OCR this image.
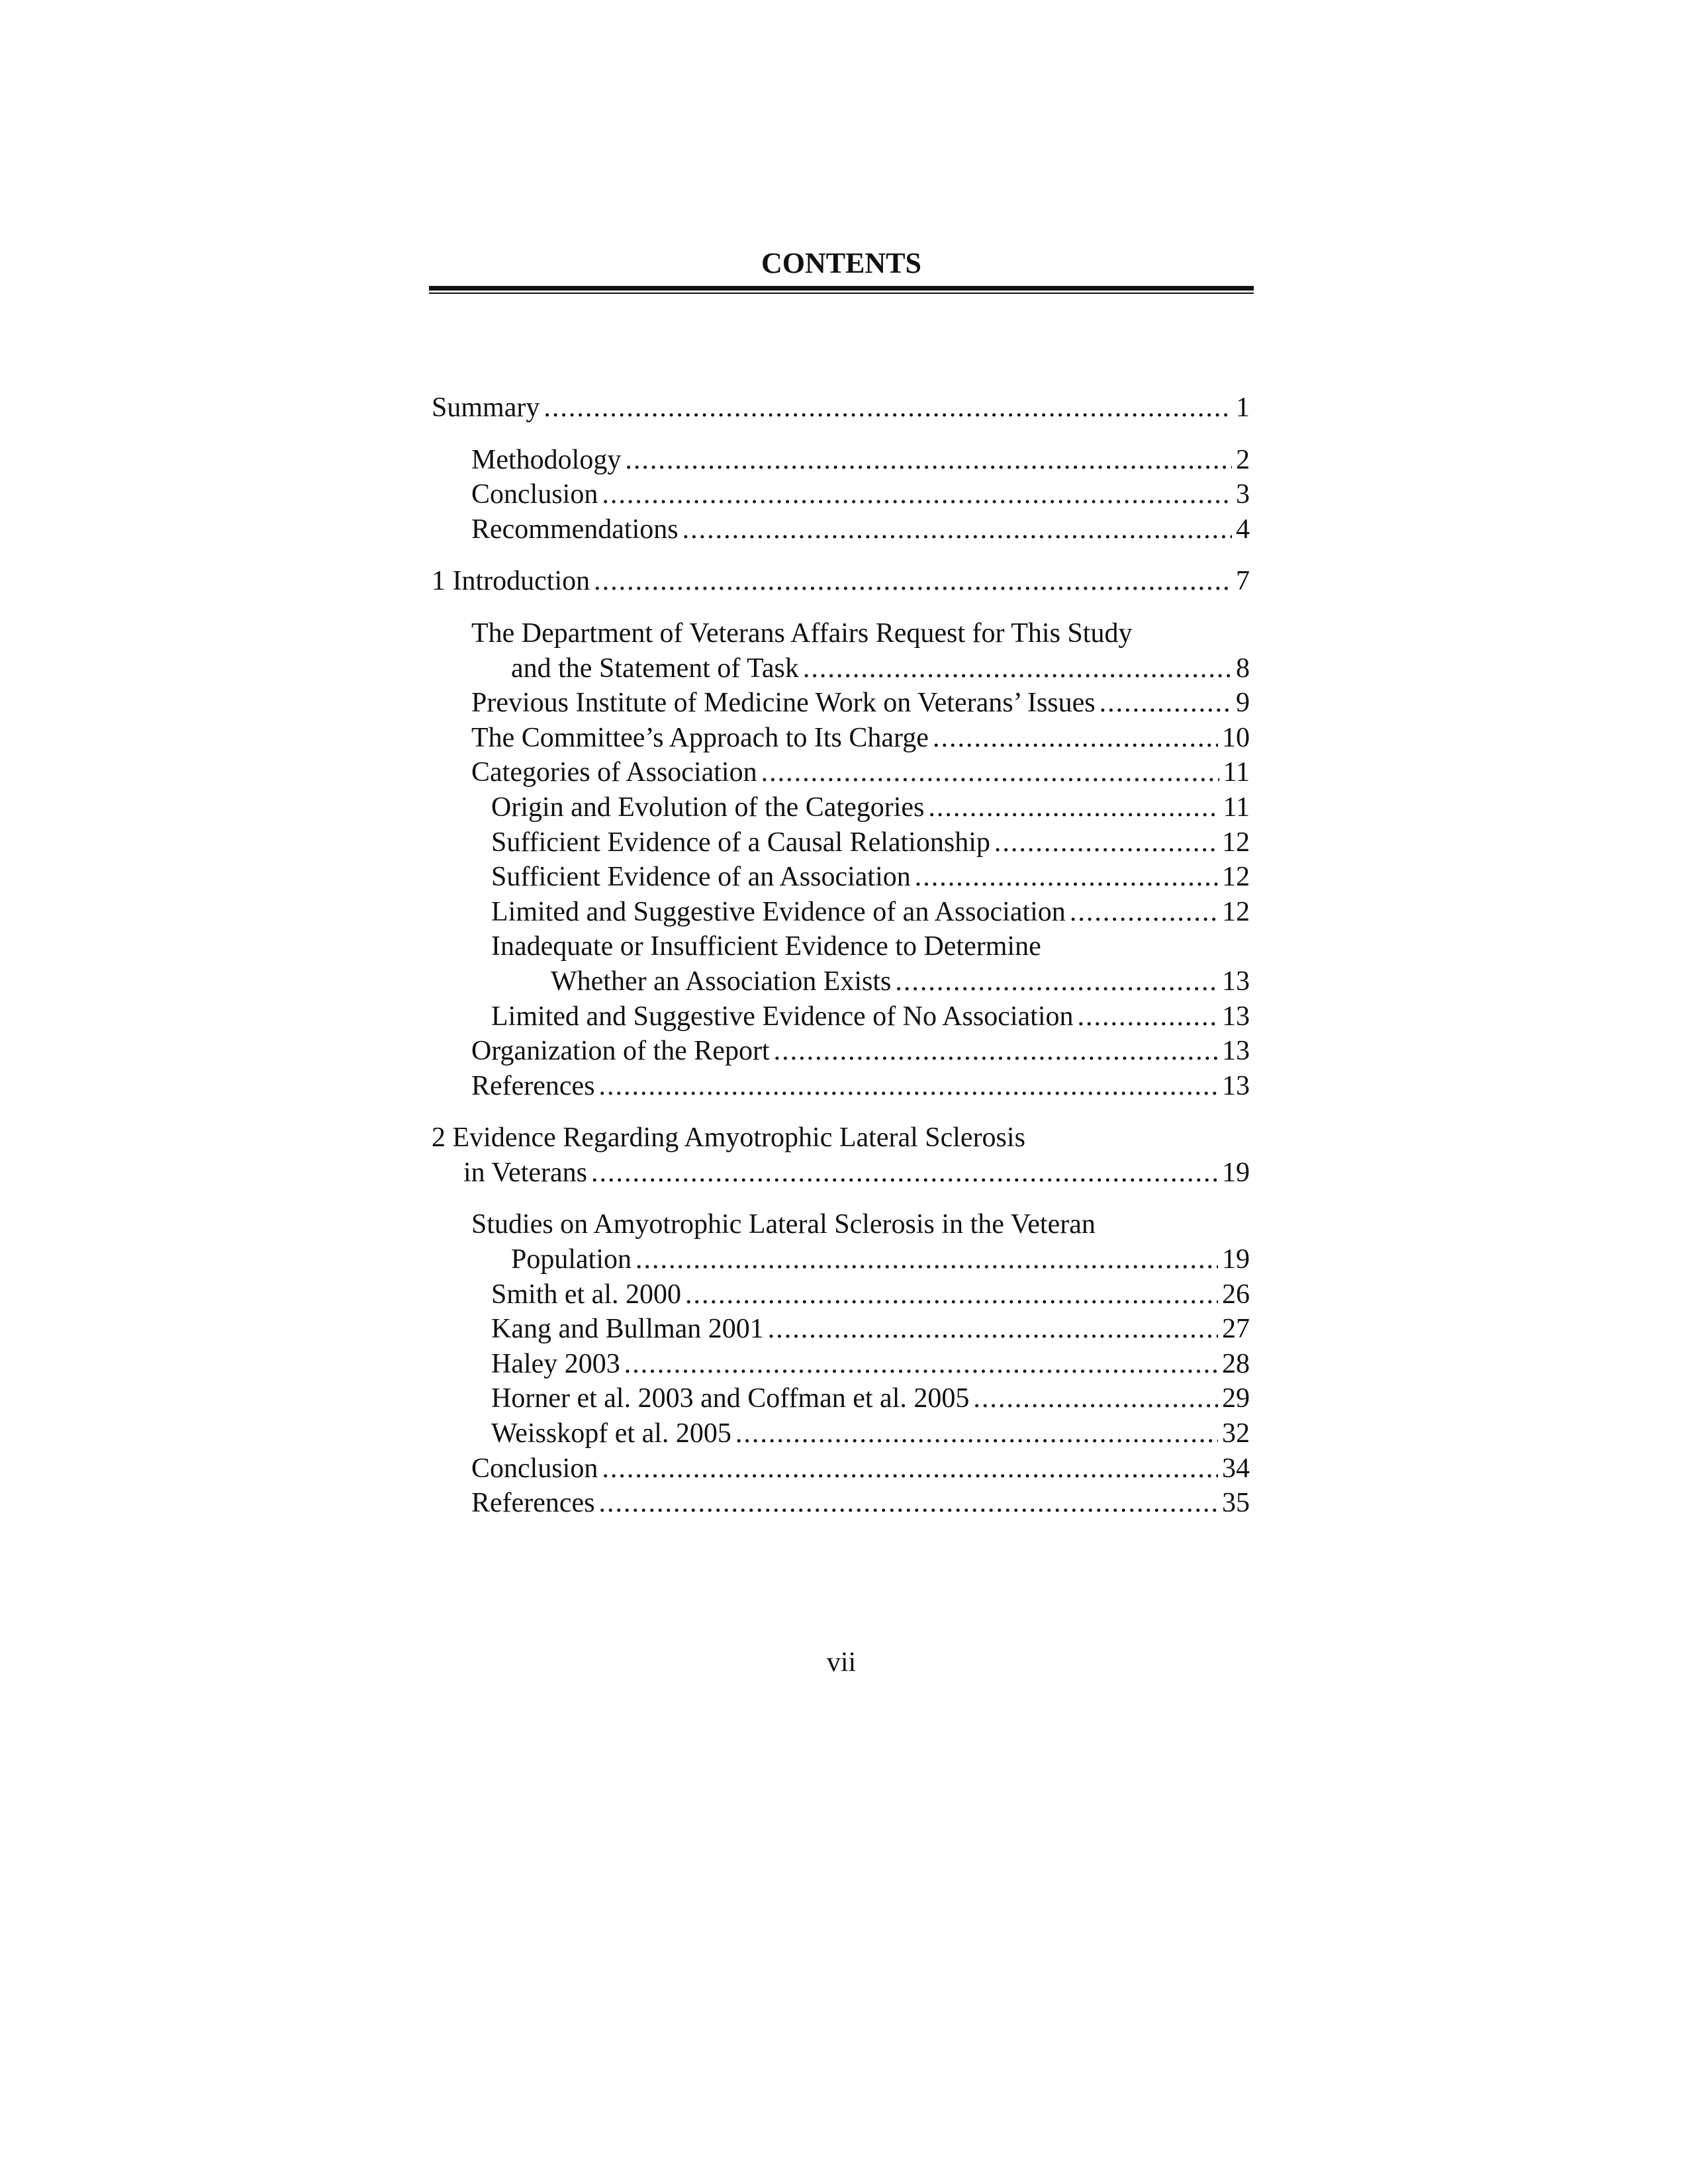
CONTENTS
Summary .....	1
Methodology .....	2
Conclusion .....	3
Recommendations .....	4
1 Introduction .....	7
The Department of Veterans Affairs Request for This Study
and the Statement of Task .....	8
Previous Institute of Medicine Work on Veterans’ Issues .....	9
The Committee’s Approach to Its Charge .....	10
Categories of Association .....	11
Origin and Evolution of the Categories .....	11
Sufficient Evidence of a Causal Relationship .....	12
Sufficient Evidence of an Association .....	12
Limited and Suggestive Evidence of an Association .....	12
Inadequate or Insufficient Evidence to Determine
Whether an Association Exists .....	13
Limited and Suggestive Evidence of No Association .....	13
Organization of the Report .....	13
References .....	13
2 Evidence Regarding Amyotrophic Lateral Sclerosis
in Veterans .....	19
Studies on Amyotrophic Lateral Sclerosis in the Veteran
Population .....	19
Smith et al. 2000 .....	26
Kang and Bullman 2001 .....	27
Haley 2003 .....	28
Horner et al. 2003 and Coffman et al. 2005 .....	29
Weisskopf et al. 2005 .....	32
Conclusion .....	34
References .....	35
vii
